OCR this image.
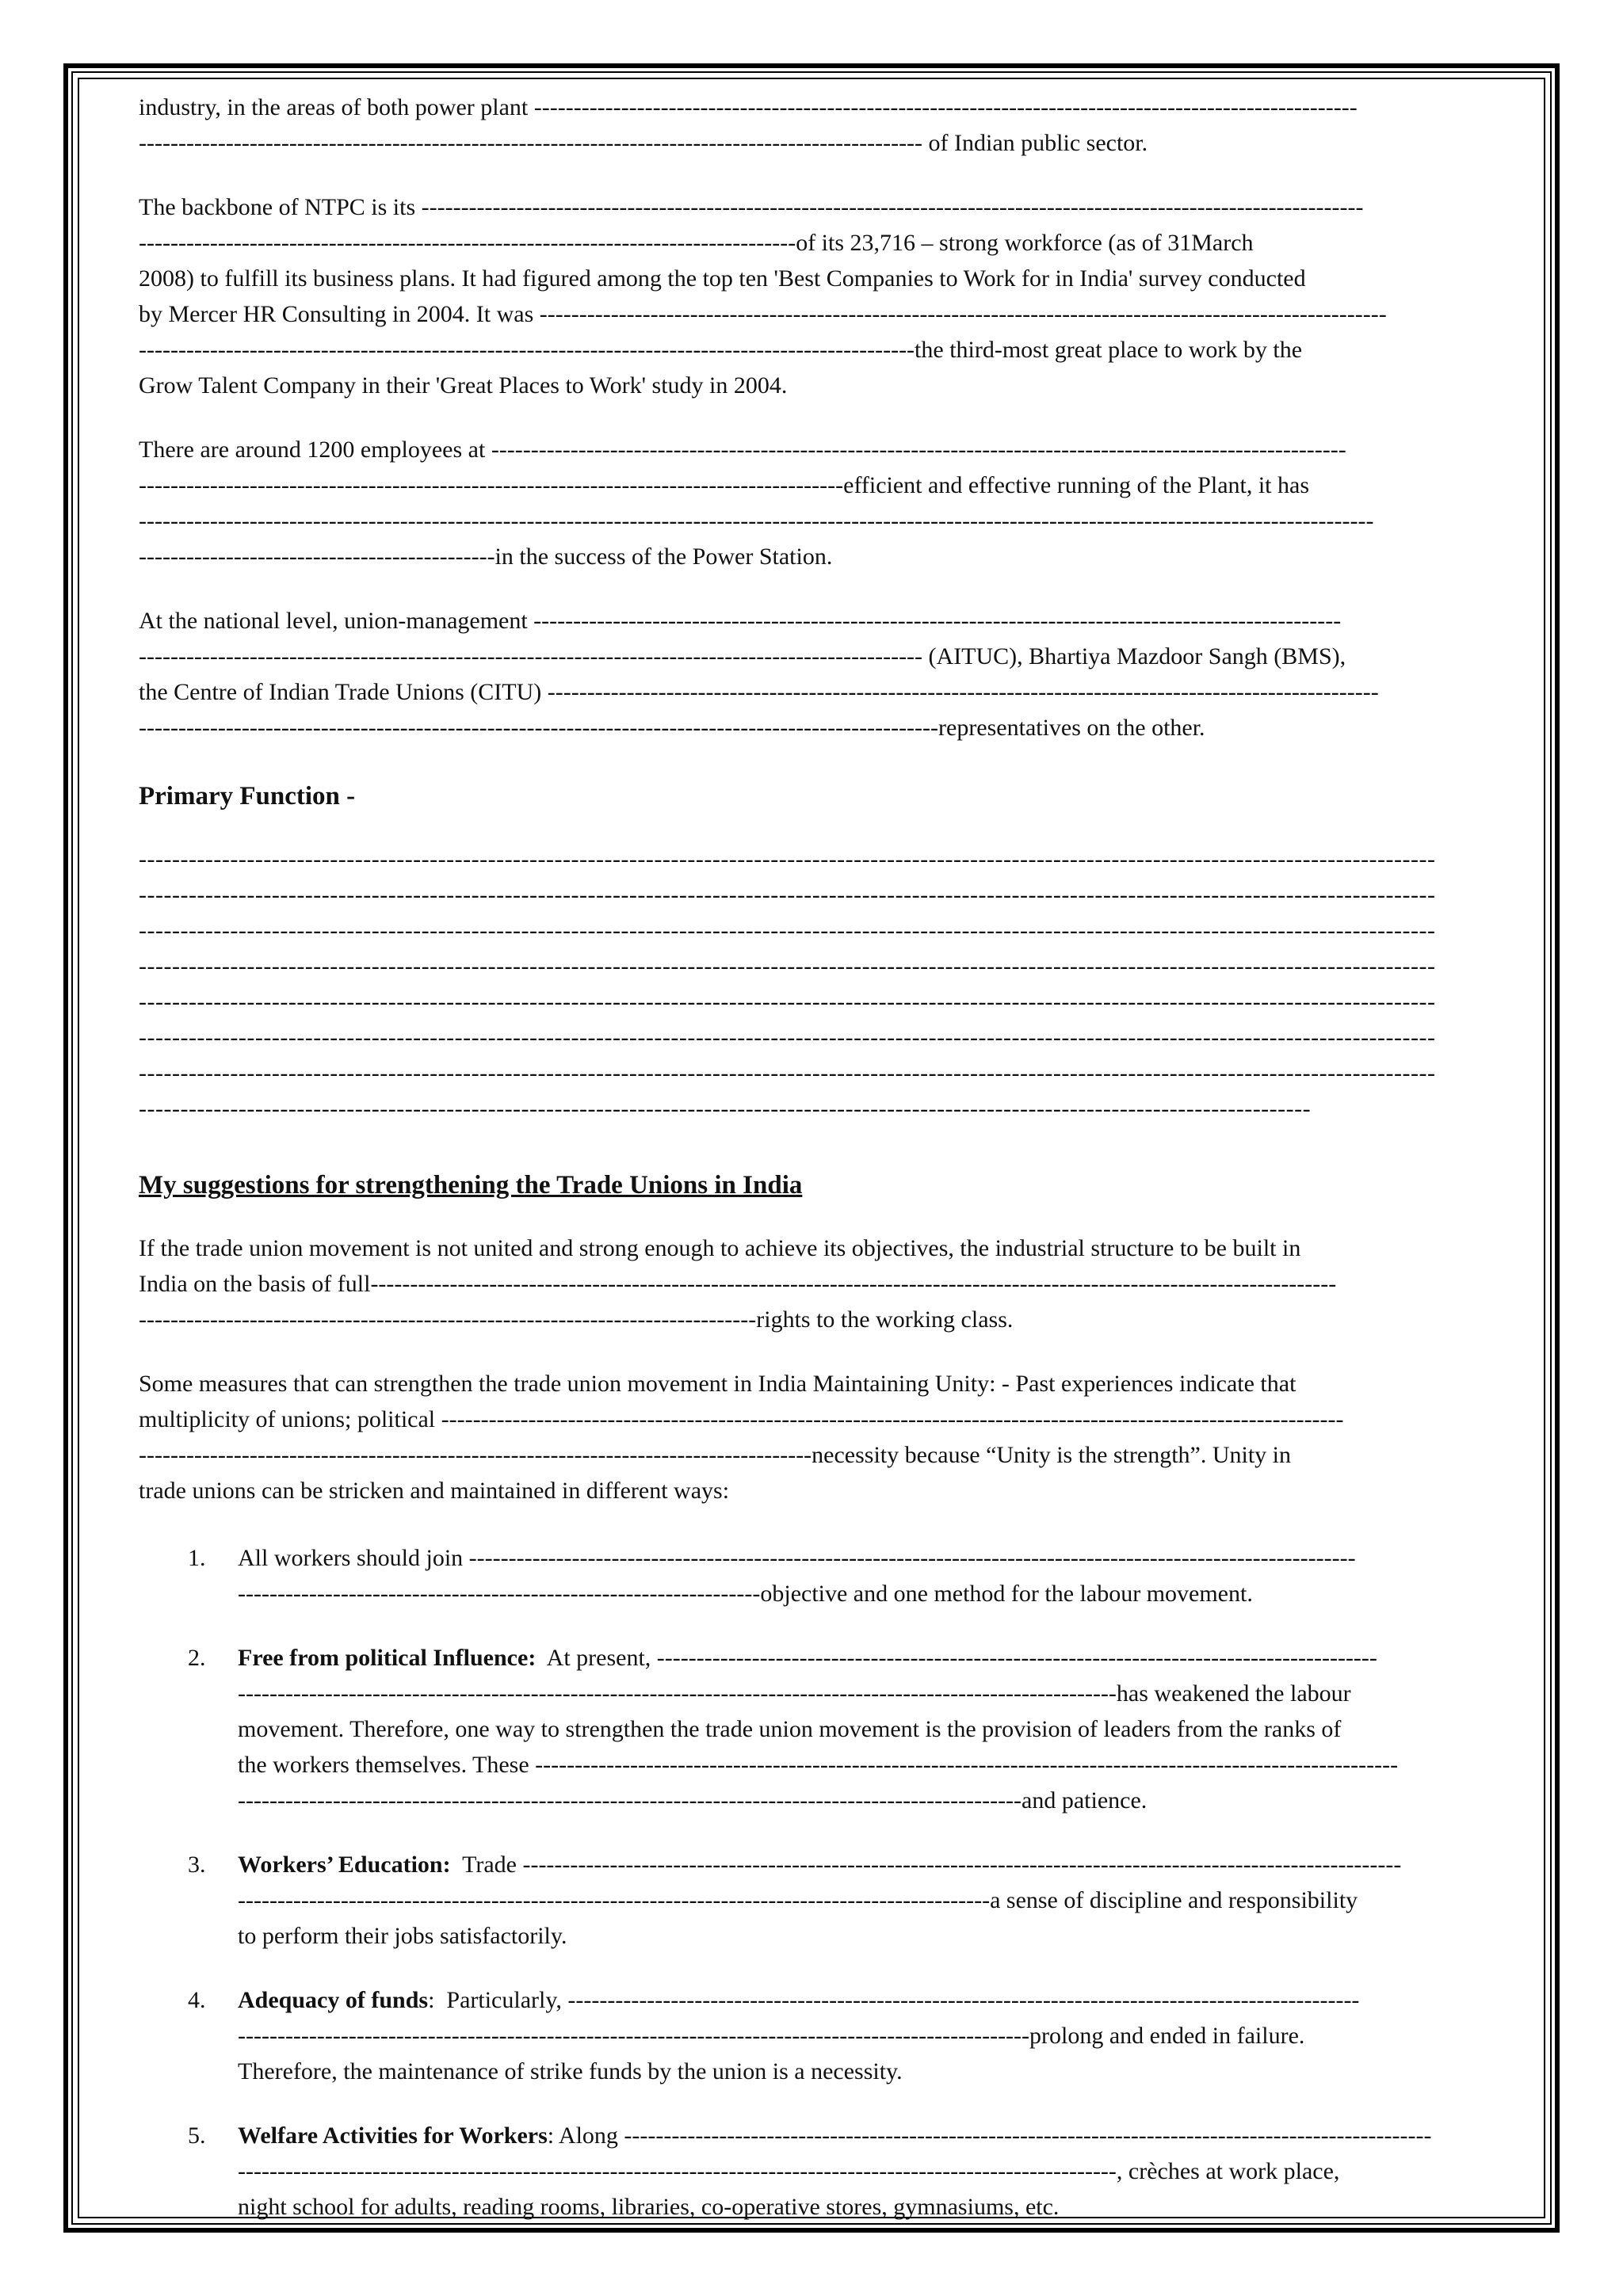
industry, in the areas of both power plant --------------------------------------------------------------------------------------------------------
--------------------------------------------------------------------------------------------------- of Indian public sector.
The backbone of NTPC is its -----------------------------------------------------------------------------------------------------------------------
-----------------------------------------------------------------------------------of its 23,716 – strong workforce (as of 31March
2008) to fulfill its business plans. It had figured among the top ten 'Best Companies to Work for in India' survey conducted
by Mercer HR Consulting in 2004. It was -----------------------------------------------------------------------------------------------------------
--------------------------------------------------------------------------------------------------the third-most great place to work by the
Grow Talent Company in their 'Great Places to Work' study in 2004.
There are around 1200 employees at ------------------------------------------------------------------------------------------------------------
-----------------------------------------------------------------------------------------efficient and effective running of the Plant, it has
------------------------------------------------------------------------------------------------------------------------------------------------------------
---------------------------------------------in the success of the Power Station.
At the national level, union-management ------------------------------------------------------------------------------------------------------
--------------------------------------------------------------------------------------------------- (AITUC), Bhartiya Mazdoor Sangh (BMS),
the Centre of Indian Trade Unions (CITU) ---------------------------------------------------------------------------------------------------------
-----------------------------------------------------------------------------------------------------representatives on the other.
Primary Function -
------------------------------------------------------------------------------------------------------------------------------------------------------------
------------------------------------------------------------------------------------------------------------------------------------------------------------
------------------------------------------------------------------------------------------------------------------------------------------------------------
------------------------------------------------------------------------------------------------------------------------------------------------------------
------------------------------------------------------------------------------------------------------------------------------------------------------------
------------------------------------------------------------------------------------------------------------------------------------------------------------
------------------------------------------------------------------------------------------------------------------------------------------------------------
---------------------------------------------------------------------------------------------------------------------------------------------
My suggestions for strengthening the Trade Unions in India
If the trade union movement is not united and strong enough to achieve its objectives, the industrial structure to be built in
India on the basis of full--------------------------------------------------------------------------------------------------------------------------
------------------------------------------------------------------------------rights to the working class.
Some measures that can strengthen the trade union movement in India Maintaining Unity: - Past experiences indicate that
multiplicity of unions; political ------------------------------------------------------------------------------------------------------------------
-------------------------------------------------------------------------------------necessity because “Unity is the strength”. Unity in
trade unions can be stricken and maintained in different ways:
1. All workers should join ----------------------------------------------------------------------------------------------------------------
------------------------------------------------------------------objective and one method for the labour movement.
2. Free from political Influence:  At present, -------------------------------------------------------------------------------------------
---------------------------------------------------------------------------------------------------------------has weakened the labour
movement. Therefore, one way to strengthen the trade union movement is the provision of leaders from the ranks of
the workers themselves. These -------------------------------------------------------------------------------------------------------------
---------------------------------------------------------------------------------------------------and patience.
3. Workers’ Education:  Trade ---------------------------------------------------------------------------------------------------------------
-----------------------------------------------------------------------------------------------a sense of discipline and responsibility
to perform their jobs satisfactorily.
4. Adequacy of funds:  Particularly, ----------------------------------------------------------------------------------------------------
----------------------------------------------------------------------------------------------------prolong and ended in failure.
Therefore, the maintenance of strike funds by the union is a necessity.
5. Welfare Activities for Workers: Along ------------------------------------------------------------------------------------------------------
---------------------------------------------------------------------------------------------------------------, crèches at work place,
night school for adults, reading rooms, libraries, co-operative stores, gymnasiums, etc.
